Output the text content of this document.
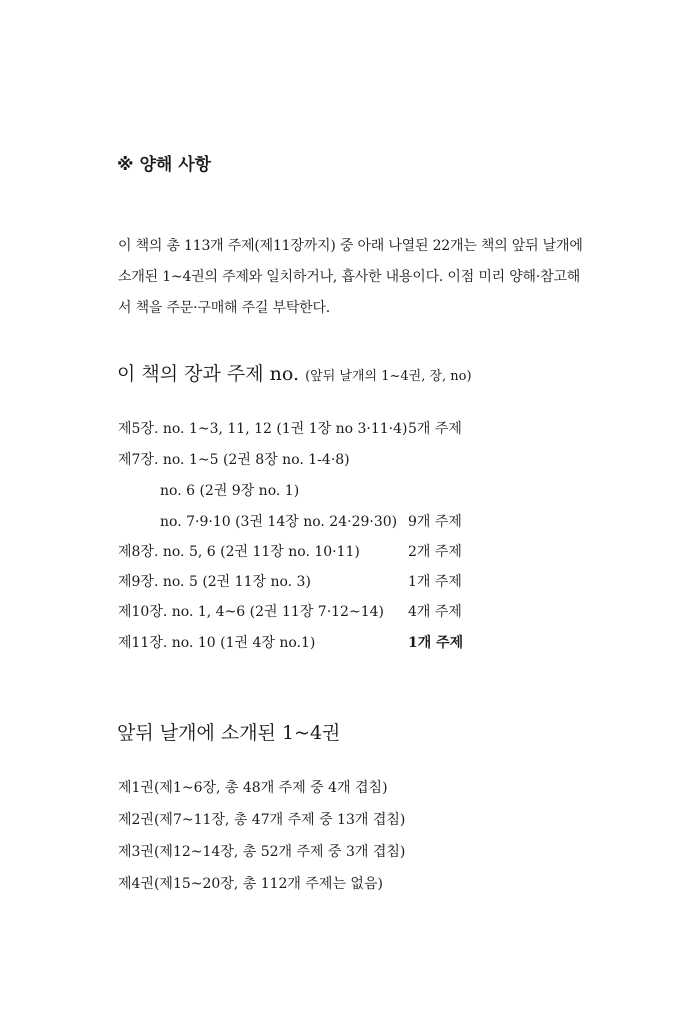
※ 양해 사항
이 책의 총 113개 주제(제11장까지) 중 아래 나열된 22개는 책의 앞뒤 날개에
소개된 1~4권의 주제와 일치하거나, 흡사한 내용이다. 이점 미리 양해·참고해
서 책을 주문·구매해 주길 부탁한다.
이 책의 장과 주제 no. (앞뒤 날개의 1~4권, 장, no)
제5장. no. 1~3, 11, 12 (1권 1장 no 3·11·4) 5개 주제
제7장. no. 1~5 (2권 8장 no. 1-4·8)
no. 6 (2권 9장 no. 1)
no. 7·9·10 (3권 14장 no. 24·29·30) 9개 주제
제8장. no. 5, 6 (2권 11장 no. 10·11)	2개 주제
제9장. no. 5 (2권 11장 no. 3)	1개 주제
제10장. no. 1, 4~6 (2권 11장 7·12~14) 4개 주제
제11장. no. 10 (1권 4장 no.1)	1개 주제
앞뒤 날개에 소개된 1~4권
제1권(제1~6장, 총 48개 주제 중 4개 겹침)
제2권(제7~11장, 총 47개 주제 중 13개 겹침)
제3권(제12~14장, 총 52개 주제 중 3개 겹침)
제4권(제15~20장, 총 112개 주제는 없음)
